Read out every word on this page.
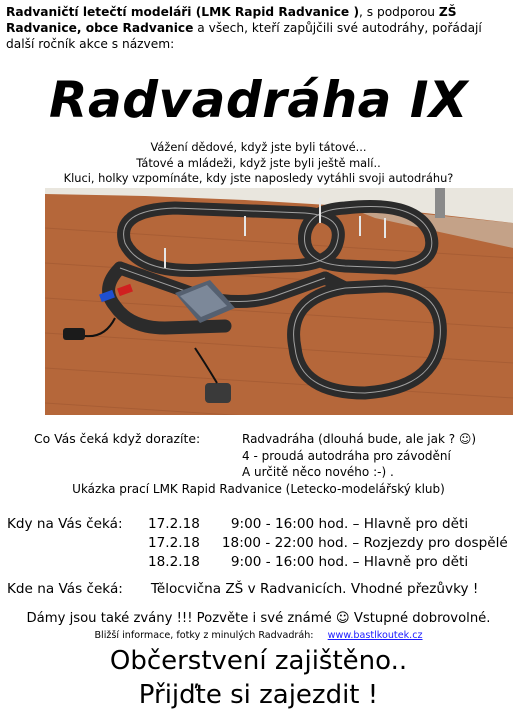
Radvaničtí letečtí modeláři (LMK Rapid Radvanice ), s podporou ZŠ Radvanice, obce Radvanice a všech, kteří zapůjčili své autodráhy, pořádají další ročník akce s názvem:
Radvadráha IX
Vážení dědové, když jste byli tátové...
Tátové a mládeži, když jste byli ještě malí..
Kluci, holky vzpomínáte, kdy jste naposledy vytáhli svoji autodráhu?
Co Vás čeká když dorazíte:	Radvadráha (dlouhá bude, ale jak ? ☺)
4 - proudá autodráha pro závodění
A určitě něco nového :-) .
Ukázka prací LMK Rapid Radvanice (Letecko-modelářský klub)
Kdy na Vás čeká: 17.2.18 9:00 - 16:00 hod. – Hlavně pro děti
17.2.18 18:00 - 22:00 hod. – Rozjezdy pro dospělé
18.2.18 9:00 - 16:00 hod. – Hlavně pro děti
Kde na Vás čeká: Tělocvična ZŠ v Radvanicích. Vhodné přezůvky !
Dámy jsou také zvány !!! Pozvěte i své známé ☺ Vstupné dobrovolné.
Bližší informace, fotky z minulých Radvadráh: www.bastlkoutek.cz
Občerstvení zajištěno..
Přijďte si zajezdit !
